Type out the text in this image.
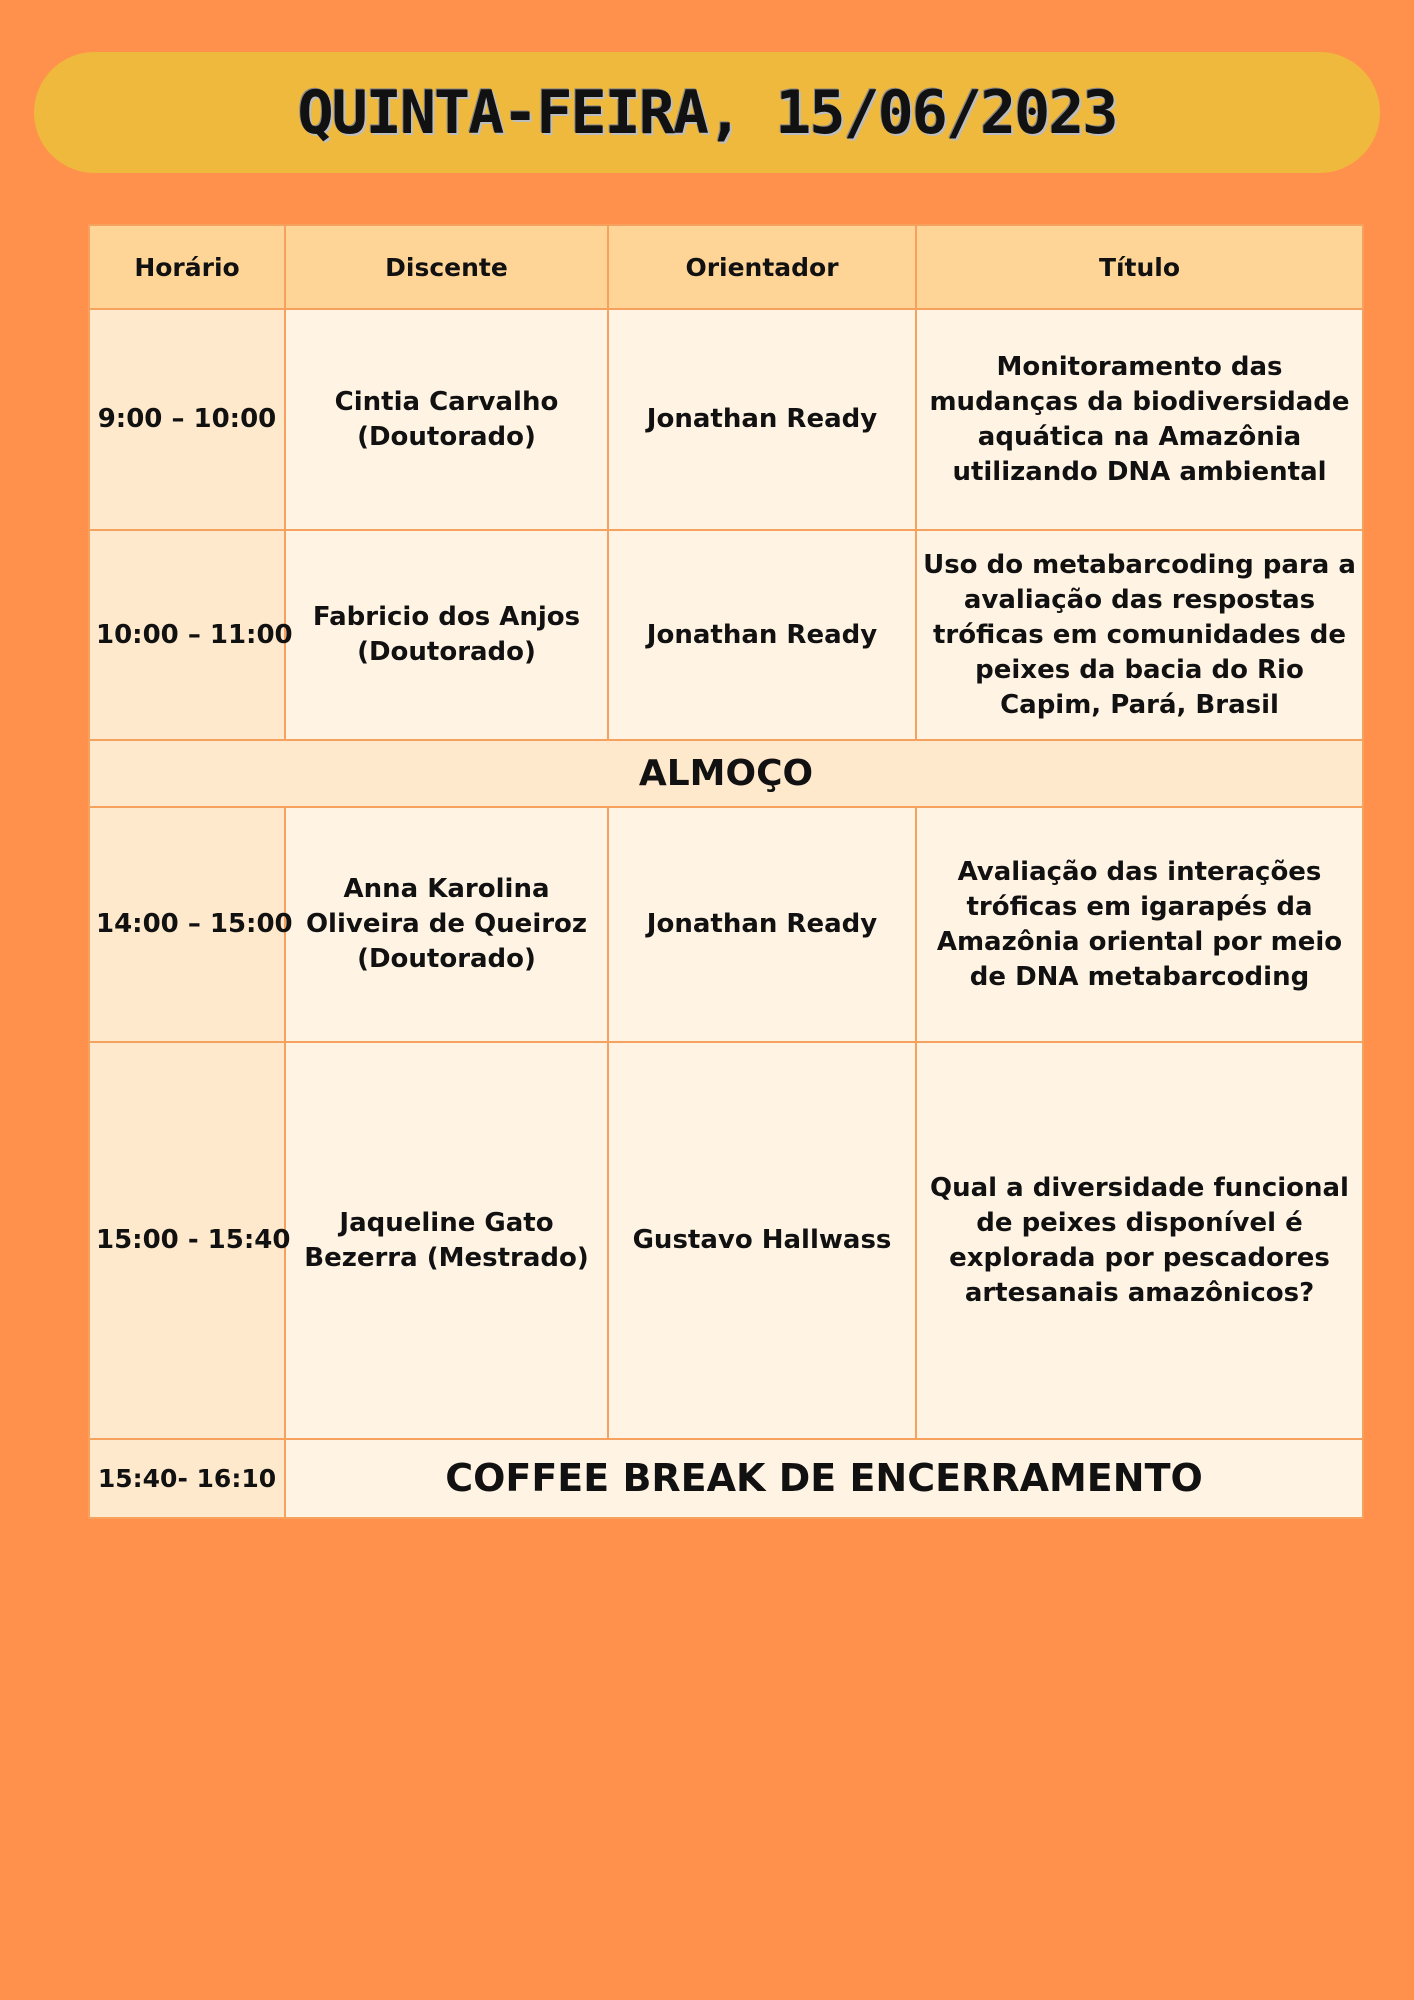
QUINTA-FEIRA, 15/06/2023
Horário	Discente	Orientador	Título
9:00 – 10:00	Cintia Carvalho (Doutorado)	Jonathan Ready	Monitoramento das mudanças da biodiversidade aquática na Amazônia utilizando DNA ambiental
10:00 – 11:00	Fabricio dos Anjos (Doutorado)	Jonathan Ready	Uso do metabarcoding para a avaliação das respostas tróficas em comunidades de peixes da bacia do Rio Capim, Pará, Brasil
ALMOÇO			
14:00 – 15:00	Anna Karolina Oliveira de Queiroz (Doutorado)	Jonathan Ready	Avaliação das interações tróficas em igarapés da Amazônia oriental por meio de DNA metabarcoding
15:00 - 15:40	Jaqueline Gato Bezerra (Mestrado)	Gustavo Hallwass	Qual a diversidade funcional de peixes disponível é explorada por pescadores artesanais amazônicos?
15:40- 16:10	COFFEE BREAK DE ENCERRAMENTO		
